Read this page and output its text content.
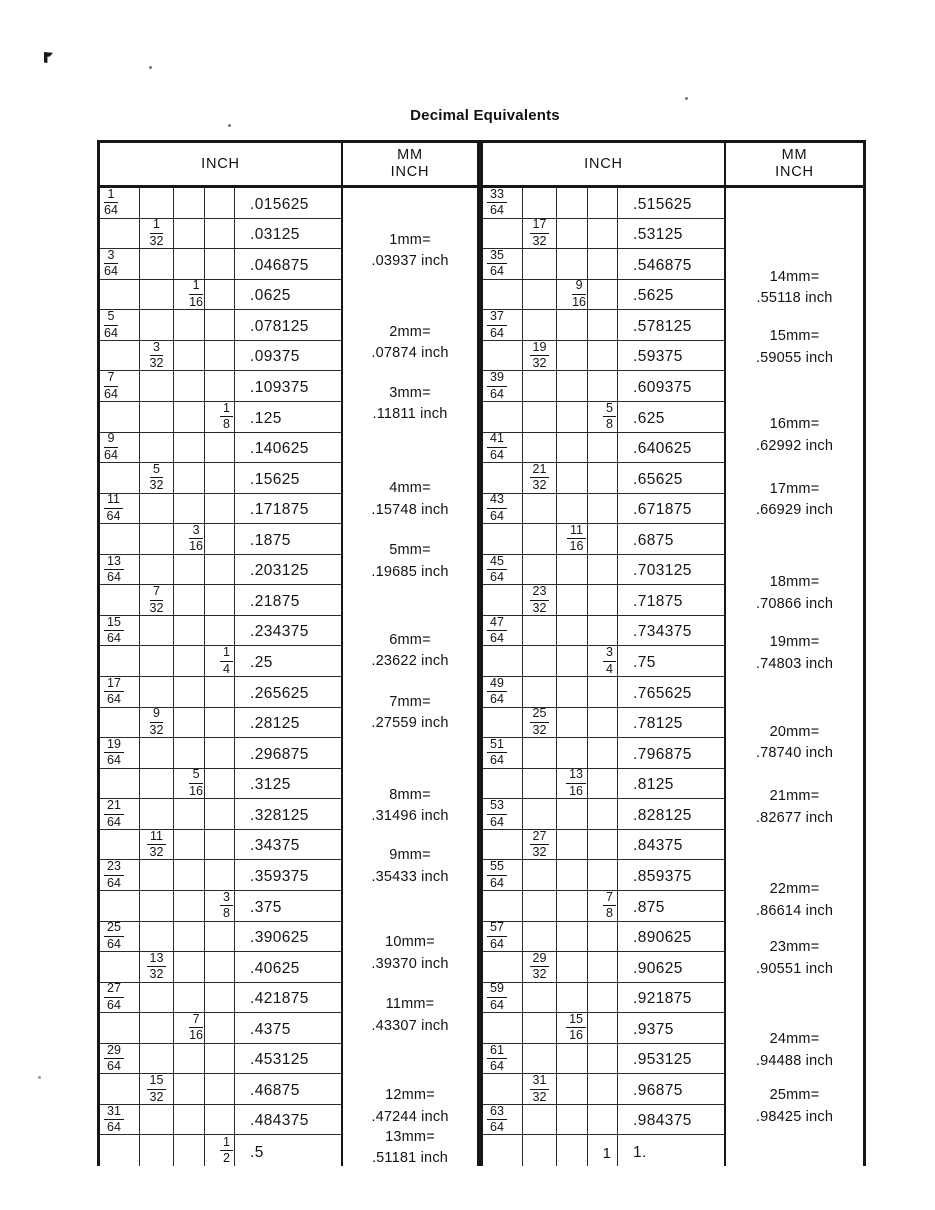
Decimal Equivalents
INCH
MM
INCH	INCH
MM
INCH
$\frac{1}{64}$	.015625
$\frac{1}{32}$	.03125
$\frac{3}{64}$	.046875
$\frac{1}{16}$	.0625
$\frac{5}{64}$	.078125
$\frac{3}{32}$	.09375
$\frac{7}{64}$	.109375
$\frac{1}{8}$	.125
$\frac{9}{64}$	.140625
$\frac{5}{32}$	.15625
$\frac{11}{64}$	.171875
$\frac{3}{16}$	.1875
$\frac{13}{64}$	.203125
$\frac{7}{32}$	.21875
$\frac{15}{64}$	.234375
$\frac{1}{4}$	.25
$\frac{17}{64}$	.265625
$\frac{9}{32}$	.28125
$\frac{19}{64}$	.296875
$\frac{5}{16}$	.3125
$\frac{21}{64}$	.328125
$\frac{11}{32}$	.34375
$\frac{23}{64}$	.359375
$\frac{3}{8}$	.375
$\frac{25}{64}$	.390625
$\frac{13}{32}$	.40625
$\frac{27}{64}$	.421875
$\frac{7}{16}$	.4375
$\frac{29}{64}$	.453125
$\frac{15}{32}$	.46875
$\frac{31}{64}$	.484375
$\frac{1}{2}$	.5
1mm=
.03937 inch
2mm=
.07874 inch
3mm=
.11811 inch
4mm=
.15748 inch
5mm=
.19685 inch
6mm=
.23622 inch
7mm=
.27559 inch
8mm=
.31496 inch
9mm=
.35433 inch
10mm=
.39370 inch
11mm=
.43307 inch
12mm=
.47244 inch
13mm=
.51181 inch
$\frac{33}{64}$	.515625
$\frac{17}{32}$	.53125
$\frac{35}{64}$	.546875
$\frac{9}{16}$	.5625
$\frac{37}{64}$	.578125
$\frac{19}{32}$	.59375
$\frac{39}{64}$	.609375
$\frac{5}{8}$	.625
$\frac{41}{64}$	.640625
$\frac{21}{32}$	.65625
$\frac{43}{64}$	.671875
$\frac{11}{16}$	.6875
$\frac{45}{64}$	.703125
$\frac{23}{32}$	.71875
$\frac{47}{64}$	.734375
$\frac{3}{4}$	.75
$\frac{49}{64}$	.765625
$\frac{25}{32}$	.78125
$\frac{51}{64}$	.796875
$\frac{13}{16}$	.8125
$\frac{53}{64}$	.828125
$\frac{27}{32}$	.84375
$\frac{55}{64}$	.859375
$\frac{7}{8}$	.875
$\frac{57}{64}$	.890625
$\frac{29}{32}$	.90625
$\frac{59}{64}$	.921875
$\frac{15}{16}$	.9375
$\frac{61}{64}$	.953125
$\frac{31}{32}$	.96875
$\frac{63}{64}$	.984375
1	1.
14mm=
.55118 inch
15mm=
.59055 inch
16mm=
.62992 inch
17mm=
.66929 inch
18mm=
.70866 inch
19mm=
.74803 inch
20mm=
.78740 inch
21mm=
.82677 inch
22mm=
.86614 inch
23mm=
.90551 inch
24mm=
.94488 inch
25mm=
.98425 inch
